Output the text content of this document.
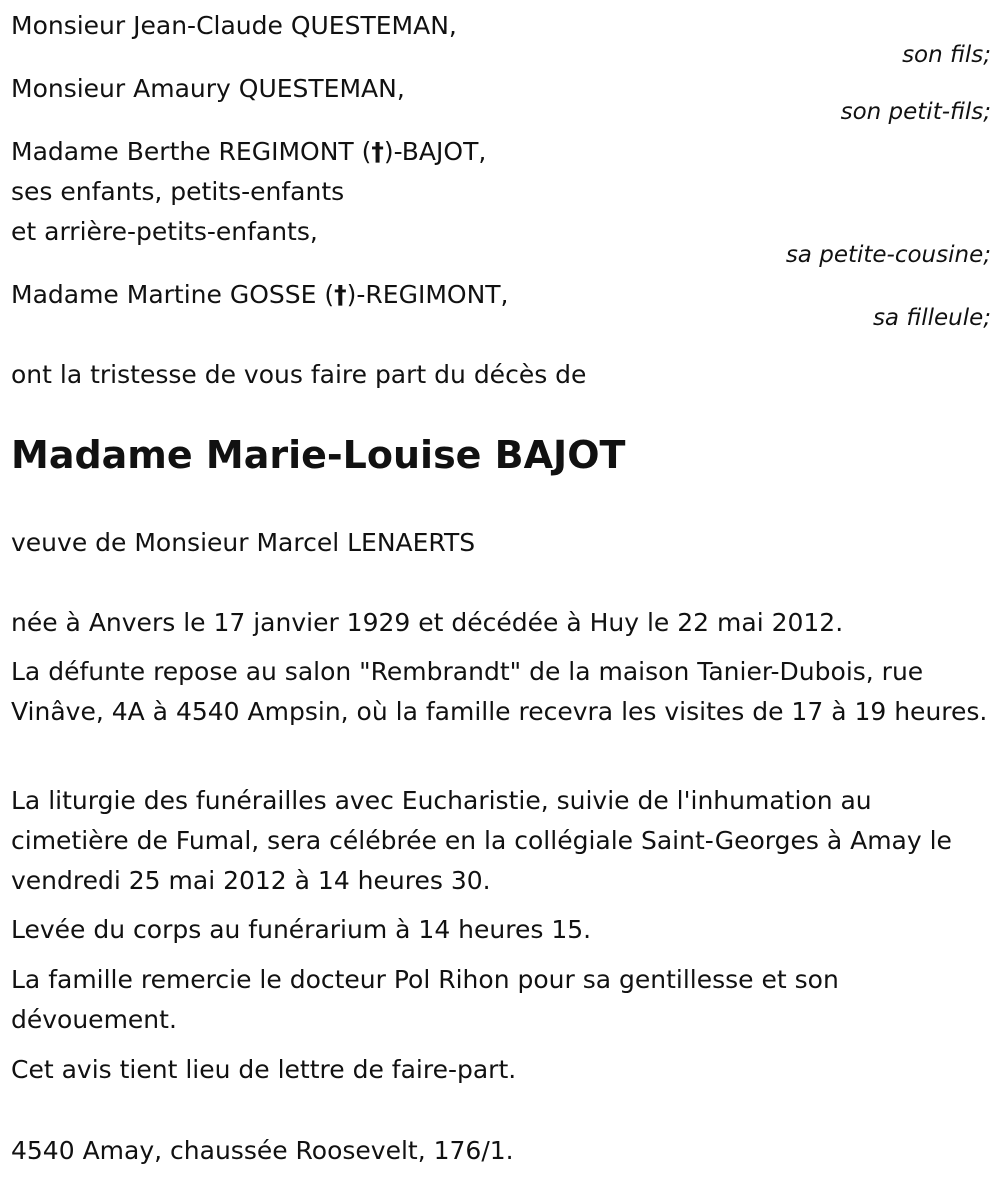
Monsieur Jean-Claude QUESTEMAN,
son fils;
Monsieur Amaury QUESTEMAN,
son petit-fils;
Madame Berthe REGIMONT (†)-BAJOT,
ses enfants, petits-enfants
et arrière-petits-enfants,
sa petite-cousine;
Madame Martine GOSSE (†)-REGIMONT,
sa filleule;
ont la tristesse de vous faire part du décès de
Madame Marie-Louise BAJOT
veuve de Monsieur Marcel LENAERTS
née à Anvers le 17 janvier 1929 et décédée à Huy le 22 mai 2012.
La défunte repose au salon "Rembrandt" de la maison Tanier-Dubois, rue Vinâve, 4A à 4540 Ampsin, où la famille recevra les visites de 17 à 19 heures.
La liturgie des funérailles avec Eucharistie, suivie de l'inhumation au cimetière de Fumal, sera célébrée en la collégiale Saint-Georges à Amay le vendredi 25 mai 2012 à 14 heures 30.
Levée du corps au funérarium à 14 heures 15.
La famille remercie le docteur Pol Rihon pour sa gentillesse et son dévouement.
Cet avis tient lieu de lettre de faire-part.
4540 Amay, chaussée Roosevelt, 176/1.
